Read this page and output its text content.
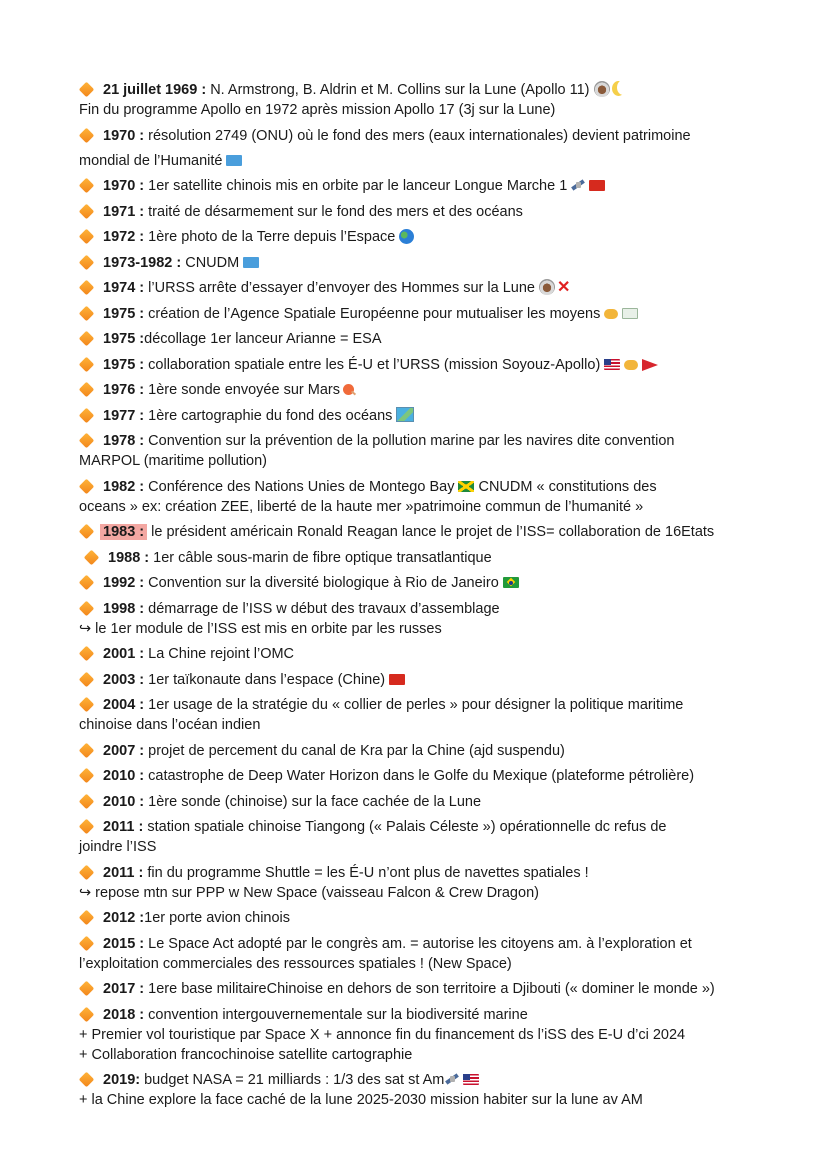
21 juillet 1969 : N. Armstrong, B. Aldrin et M. Collins sur la Lune (Apollo 11)
Fin du programme Apollo en 1972 après mission Apollo 17 (3j sur la Lune)
1970 : résolution 2749 (ONU) où le fond des mers (eaux internationales) devient patrimoine
mondial de l’Humanité
1970 : 1er satellite chinois mis en orbite par le lanceur Longue Marche 1
1971 : traité de désarmement sur le fond des mers et des océans
1972 : 1ère photo de la Terre depuis l’Espace
1973-1982 : CNUDM
1974 : l’URSS arrête d’essayer d’envoyer des Hommes sur la Lune ✕
1975 : création de l’Agence Spatiale Européenne pour mutualiser les moyens
1975 :décollage 1er lanceur Arianne = ESA
1975 : collaboration spatiale entre les É-U et l’URSS (mission Soyouz-Apollo)
1976 : 1ère sonde envoyée sur Mars
1977 : 1ère cartographie du fond des océans
1978 : Convention sur la prévention de la pollution marine par les navires dite convention
MARPOL (maritime pollution)
1982 : Conférence des Nations Unies de Montego Bay CNUDM « constitutions des
oceans » ex: création ZEE, liberté de la haute mer »patrimoine commun de l’humanité »
1983 : le président américain Ronald Reagan lance le projet de l’ISS= collaboration de 16Etats
1988 : 1er câble sous-marin de fibre optique transatlantique
1992 : Convention sur la diversité biologique à Rio de Janeiro
1998 : démarrage de l’ISS w début des travaux d’assemblage
↪ le 1er module de l’ISS est mis en orbite par les russes
2001 : La Chine rejoint l’OMC
2003 : 1er taïkonaute dans l’espace (Chine)
2004 : 1er usage de la stratégie du « collier de perles » pour désigner la politique maritime
chinoise dans l’océan indien
2007 : projet de percement du canal de Kra par la Chine (ajd suspendu)
2010 : catastrophe de Deep Water Horizon dans le Golfe du Mexique (plateforme pétrolière)
2010 : 1ère sonde (chinoise) sur la face cachée de la Lune
2011 : station spatiale chinoise Tiangong (« Palais Céleste ») opérationnelle dc refus de
joindre l’ISS
2011 : fin du programme Shuttle = les É-U n’ont plus de navettes spatiales !
↪ repose mtn sur PPP w New Space (vaisseau Falcon & Crew Dragon)
2012 :1er porte avion chinois
2015 : Le Space Act adopté par le congrès am. = autorise les citoyens am. à l’exploration et
l’exploitation commerciales des ressources spatiales ! (New Space)
2017 : 1ere base militaireChinoise en dehors de son territoire a Djibouti (« dominer le monde »)
2018 : convention intergouvernementale sur la biodiversité marine
+ Premier vol touristique par Space X + annonce fin du financement ds l’iSS des E-U d’ci 2024
+ Collaboration francochinoise satellite cartographie
2019: budget NASA = 21 milliards : 1/3 des sat st Am
+ la Chine explore la face caché de la lune 2025-2030 mission habiter sur la lune av AM
